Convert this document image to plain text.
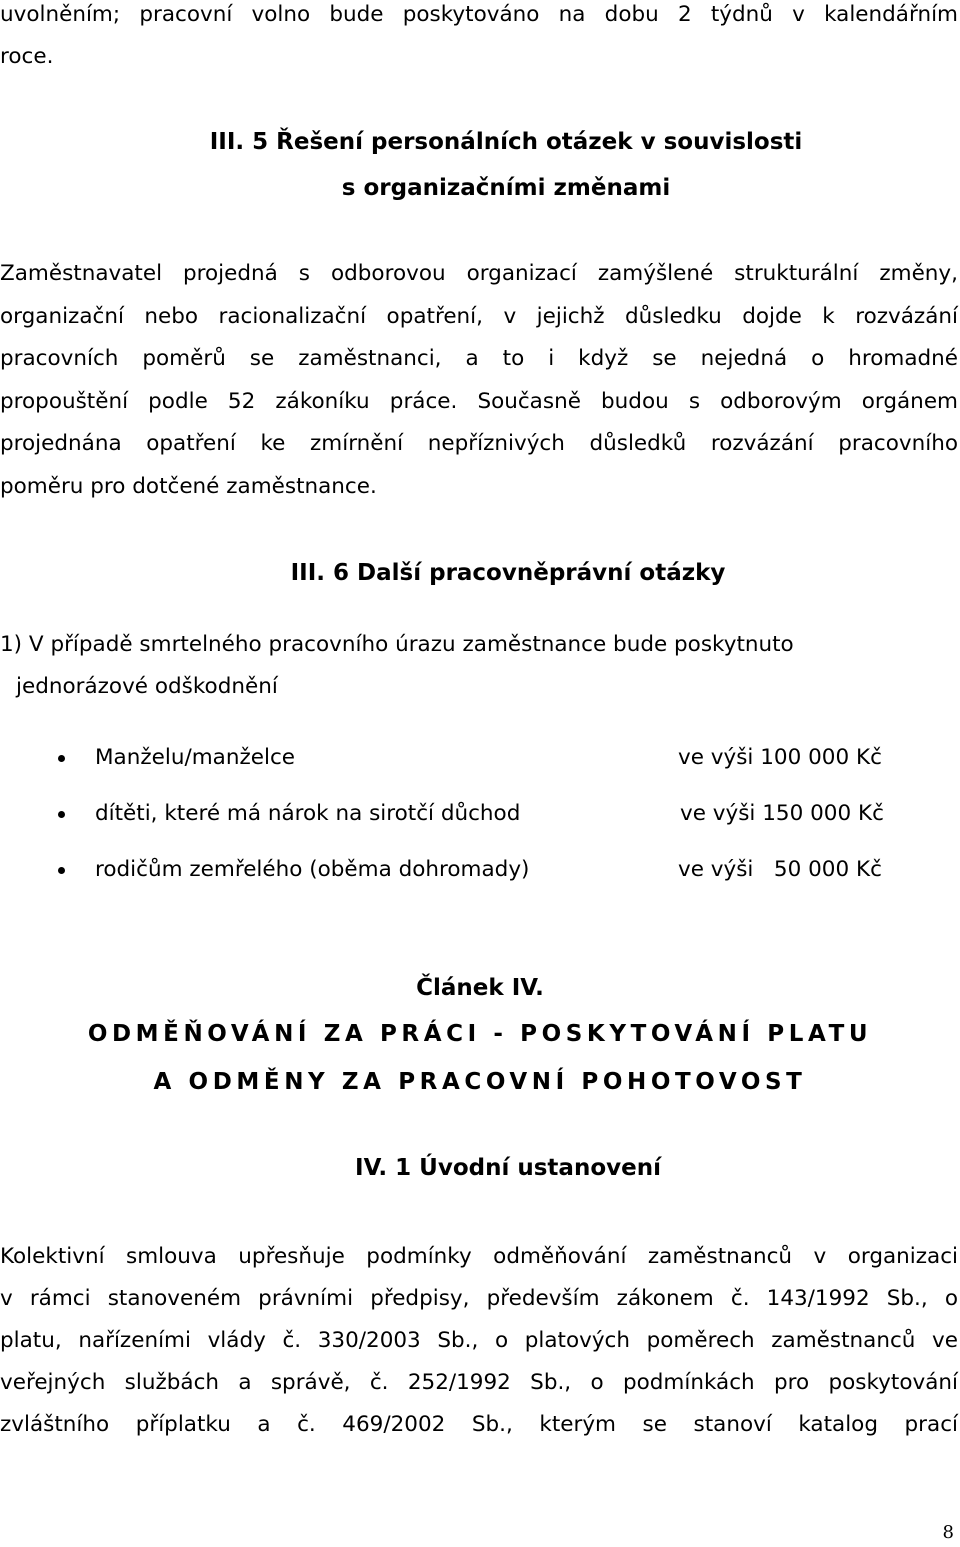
uvolněním; pracovní volno bude poskytováno na dobu 2 týdnů v kalendářním
roce.
III. 5 Řešení personálních otázek v souvislosti
s organizačními změnami
Zaměstnavatel projedná s odborovou organizací zamýšlené strukturální změny,
organizační nebo racionalizační opatření, v jejichž důsledku dojde k rozvázání
pracovních poměrů se zaměstnanci, a to i když se nejedná o hromadné
propouštění podle 52 zákoníku práce. Současně budou s odborovým orgánem
projednána opatření ke zmírnění nepříznivých důsledků rozvázání pracovního
poměru pro dotčené zaměstnance.
III. 6 Další pracovněprávní otázky
1) V případě smrtelného pracovního úrazu zaměstnance bude poskytnuto
jednorázové odškodnění
Manželu/manželce	ve výši 100 000 Kč
dítěti, které má nárok na sirotčí důchod	ve výši 150 000 Kč
rodičům zemřelého (oběma dohromady)	ve výši   50 000 Kč
Článek IV.
ODMĚŇOVÁNÍ ZA PRÁCI - POSKYTOVÁNÍ PLATU
A ODMĚNY ZA PRACOVNÍ POHOTOVOST
IV. 1 Úvodní ustanovení
Kolektivní smlouva upřesňuje podmínky odměňování zaměstnanců v organizaci
v rámci stanoveném právními předpisy, především zákonem č. 143/1992 Sb., o
platu, nařízeními vlády č. 330/2003 Sb., o platových poměrech zaměstnanců ve
veřejných službách a správě, č. 252/1992 Sb., o podmínkách pro poskytování
zvláštního příplatku a č. 469/2002 Sb., kterým se stanoví katalog prací
8
